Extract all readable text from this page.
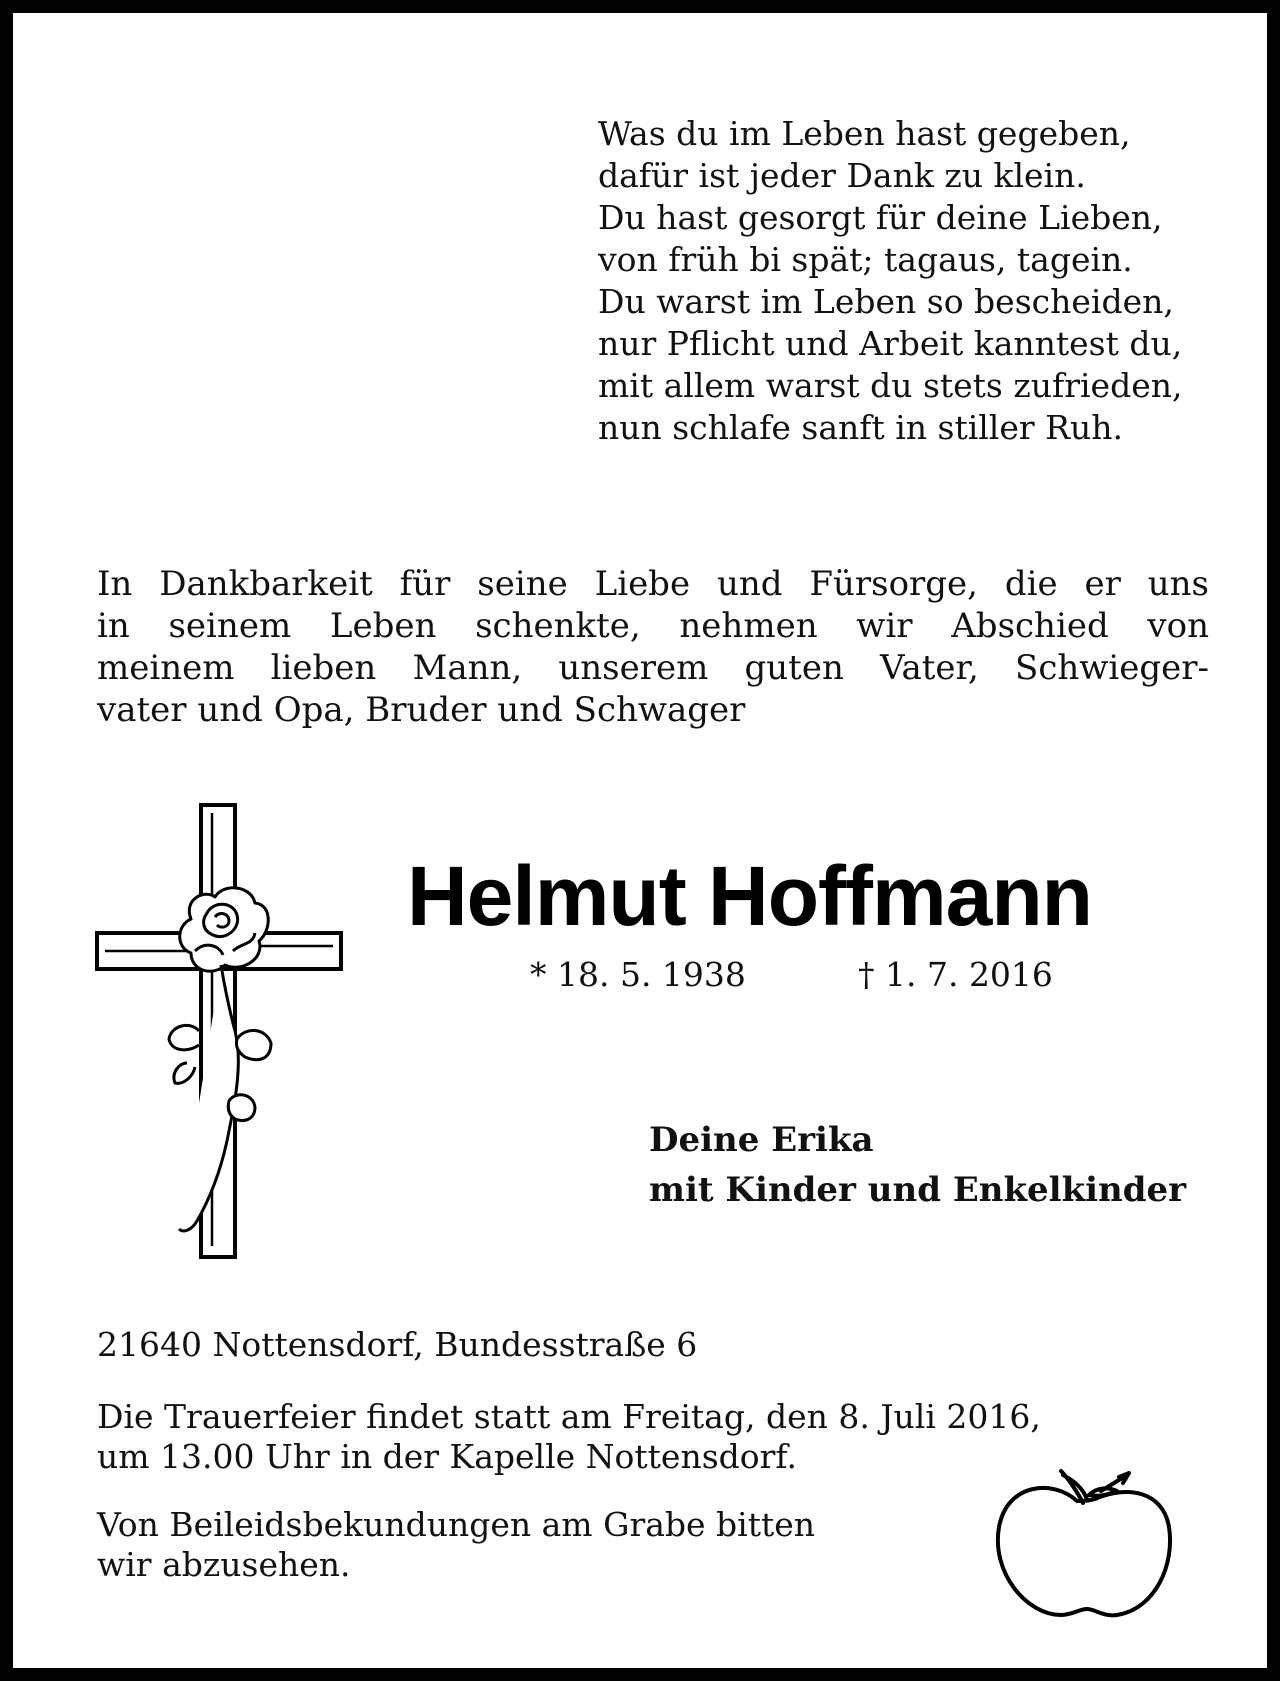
Was du im Leben hast gegeben,
dafür ist jeder Dank zu klein.
Du hast gesorgt für deine Lieben,
von früh bi spät; tagaus, tagein.
Du warst im Leben so bescheiden,
nur Pflicht und Arbeit kanntest du,
mit allem warst du stets zufrieden,
nun schlafe sanft in stiller Ruh.
In Dankbarkeit für seine Liebe und Fürsorge, die er uns
in seinem Leben schenkte, nehmen wir Abschied von
meinem lieben Mann, unserem guten Vater, Schwieger-
vater und Opa, Bruder und Schwager
Helmut Hoffmann
* 18. 5. 1938	† 1. 7. 2016
Deine Erika
mit Kinder und Enkelkinder
21640 Nottensdorf, Bundesstraße 6
Die Trauerfeier findet statt am Freitag, den 8. Juli 2016,
um 13.00 Uhr in der Kapelle Nottensdorf.
Von Beileidsbekundungen am Grabe bitten
wir abzusehen.
